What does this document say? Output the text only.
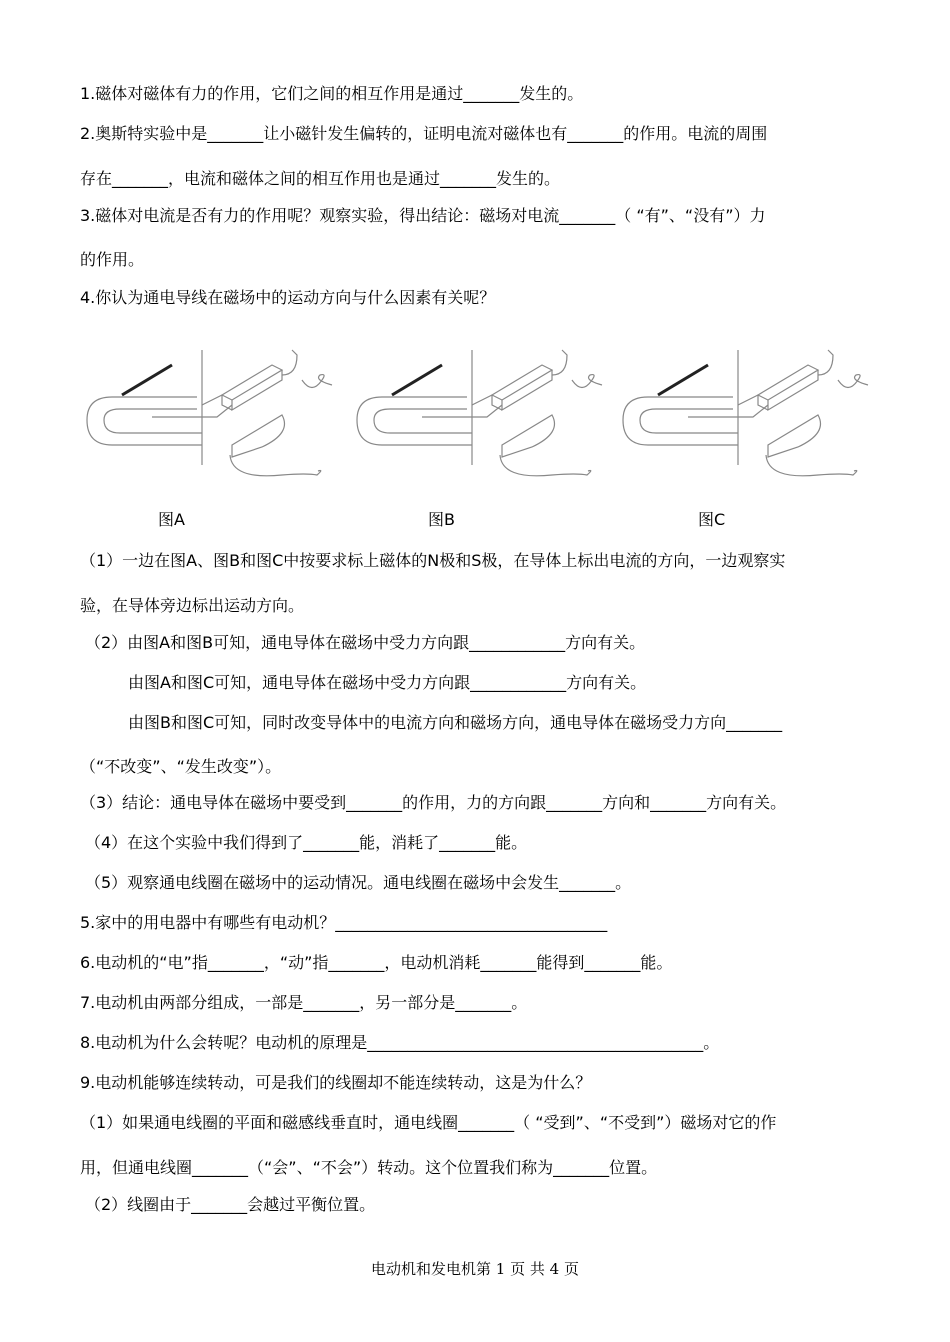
1.磁体对磁体有力的作用，它们之间的相互作用是通过_______发生的。
2.奥斯特实验中是_______让小磁针发生偏转的，证明电流对磁体也有_______的作用。电流的周围
存在_______，电流和磁体之间的相互作用也是通过_______发生的。
3.磁体对电流是否有力的作用呢？观察实验，得出结论：磁场对电流_______（ “有”、“没有”）力
的作用。
4.你认为通电导线在磁场中的运动方向与什么因素有关呢？
图A	图B	图C
（1）一边在图A、图B和图C中按要求标上磁体的N极和S极，在导体上标出电流的方向，一边观察实
验，在导体旁边标出运动方向。
（2）由图A和图B可知，通电导体在磁场中受力方向跟____________方向有关。
由图A和图C可知，通电导体在磁场中受力方向跟____________方向有关。
由图B和图C可知，同时改变导体中的电流方向和磁场方向，通电导体在磁场受力方向_______
（“不改变”、“发生改变”）。
（3）结论：通电导体在磁场中要受到_______的作用，力的方向跟_______方向和_______方向有关。
（4）在这个实验中我们得到了_______能，消耗了_______能。
（5）观察通电线圈在磁场中的运动情况。通电线圈在磁场中会发生_______。
5.家中的用电器中有哪些有电动机？__________________________________
6.电动机的“电”指_______，“动”指_______，电动机消耗_______能得到_______能。
7.电动机由两部分组成，一部是_______，另一部分是_______。
8.电动机为什么会转呢？电动机的原理是__________________________________________。
9.电动机能够连续转动，可是我们的线圈却不能连续转动，这是为什么？
（1）如果通电线圈的平面和磁感线垂直时，通电线圈_______（ “受到”、“不受到”）磁场对它的作
用，但通电线圈_______（“会”、“不会”）转动。这个位置我们称为_______位置。
（2）线圈由于_______会越过平衡位置。
电动机和发电机第 1 页 共 4 页
